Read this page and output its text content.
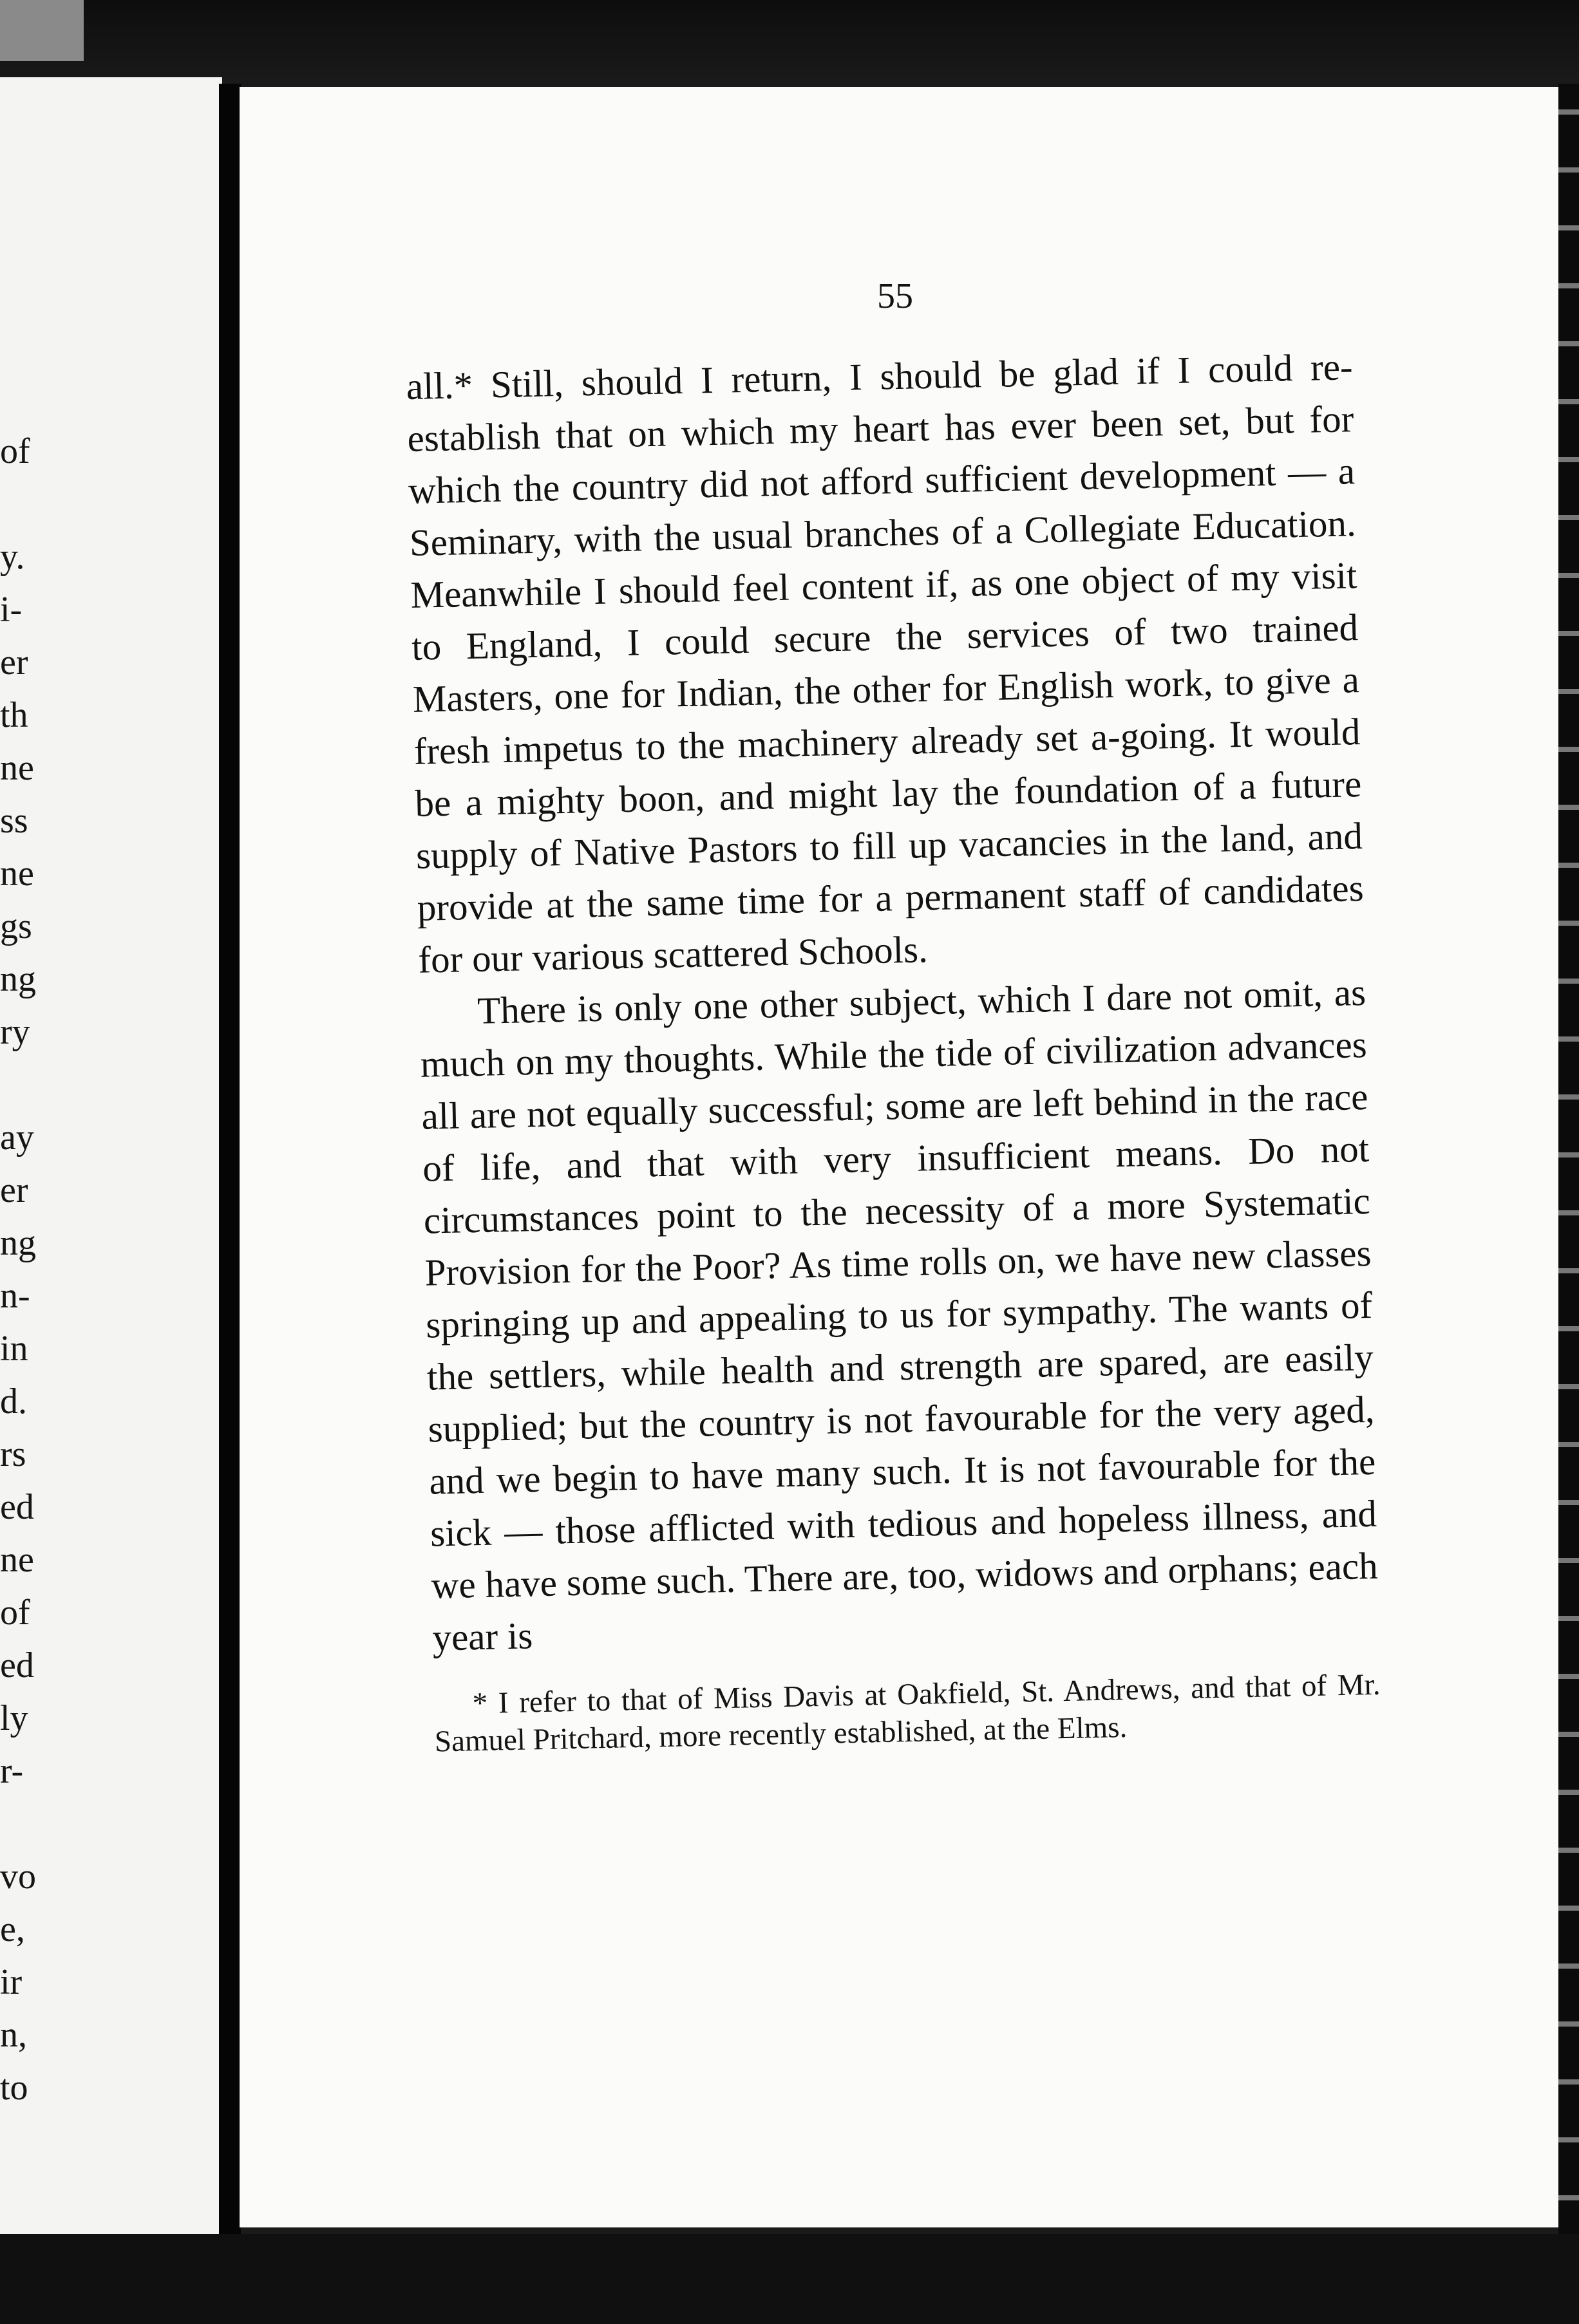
of
y.
i-
er
th
ne
ss
ne
gs
ng
ry
ay
er
ng
n-
in
d.
rs
ed
ne
of
ed
ly
r-
vo
e,
ir
n,
to
55

all.* Still, should I return, I should be glad if I could re-establish that on which my heart has ever been set, but for which the country did not afford sufficient development — a Seminary, with the usual branches of a Collegiate Education. Meanwhile I should feel content if, as one object of my visit to England, I could secure the services of two trained Masters, one for Indian, the other for English work, to give a fresh impetus to the machinery already set a-going. It would be a mighty boon, and might lay the foundation of a future supply of Native Pastors to fill up vacancies in the land, and provide at the same time for a permanent staff of candidates for our various scattered Schools.

There is only one other subject, which I dare not omit, as much on my thoughts. While the tide of civilization advances all are not equally successful; some are left behind in the race of life, and that with very insufficient means. Do not circumstances point to the necessity of a more Systematic Provision for the Poor? As time rolls on, we have new classes springing up and appealing to us for sympathy. The wants of the settlers, while health and strength are spared, are easily supplied; but the country is not favourable for the very aged, and we begin to have many such. It is not favourable for the sick — those afflicted with tedious and hopeless illness, and we have some such. There are, too, widows and orphans; each year is

* I refer to that of Miss Davis at Oakfield, St. Andrews, and that of Mr. Samuel Pritchard, more recently established, at the Elms.
